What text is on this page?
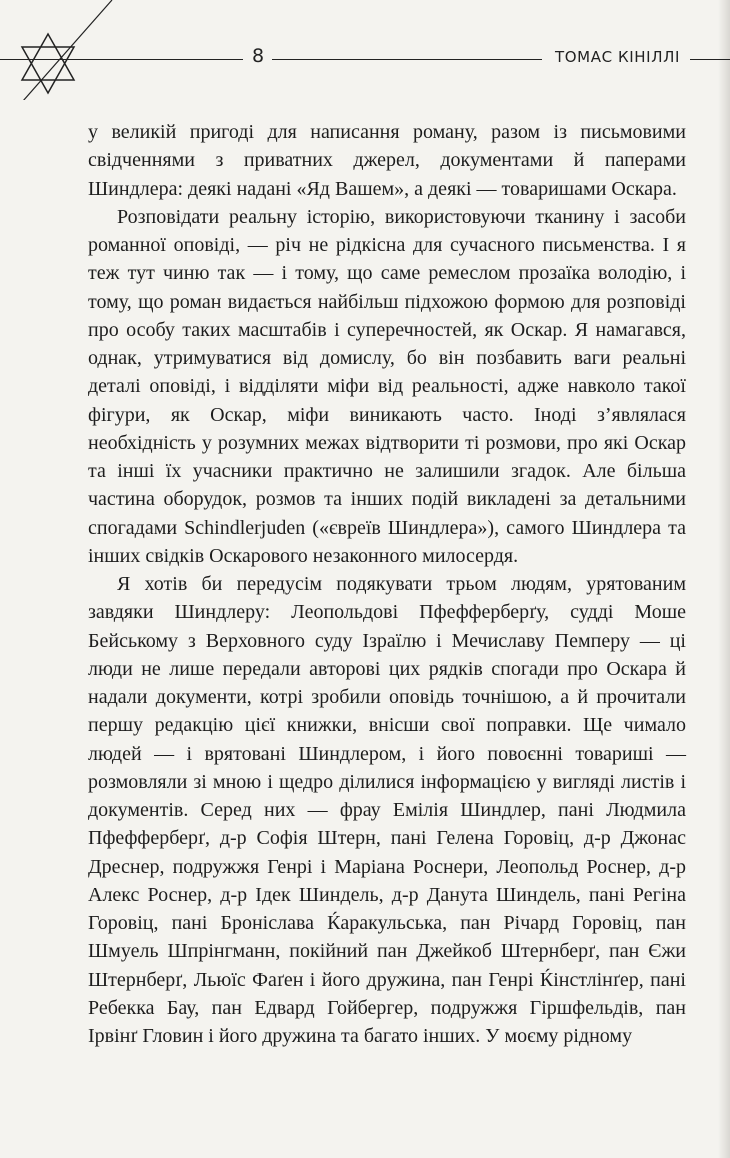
8	ТОМАС КІНІЛЛІ

у великій пригоді для написання роману, разом із письмовими свідченнями з приватних джерел, документами й паперами Шиндлера: деякі надані «Яд Вашем», а деякі — товаришами Оскара.

Розповідати реальну історію, використовуючи тканину і засоби романної оповіді, — річ не рідкісна для сучасного письменства. І я теж тут чиню так — і тому, що саме ремеслом прозаїка володію, і тому, що роман видається найбільш підхожою формою для розповіді про особу таких масштабів і суперечностей, як Оскар. Я намагався, однак, утримуватися від домислу, бо він позбавить ваги реальні деталі оповіді, і відділяти міфи від реальності, адже навколо такої фігури, як Оскар, міфи виникають часто. Іноді з’являлася необхідність у розумних межах відтворити ті розмови, про які Оскар та інші їх учасники практично не залишили згадок. Але більша частина оборудок, розмов та інших подій викладені за детальними спогадами Schindlerjuden («євреїв Шиндлера»), самого Шиндлера та інших свідків Оскарового незаконного милосердя.

Я хотів би передусім подякувати трьом людям, урятованим завдяки Шиндлеру: Леопольдові Пфефферберґу, судді Моше Бейському з Верховного суду Ізраїлю і Мечиславу Пемперу — ці люди не лише передали авторові цих рядків спогади про Оскара й надали документи, котрі зробили оповідь точнішою, а й прочитали першу редакцію цієї книжки, внісши свої поправки. Ще чимало людей — і врятовані Шиндлером, і його повоєнні товариші — розмовляли зі мною і щедро ділилися інформацією у вигляді листів і документів. Серед них — фрау Емілія Шиндлер, пані Людмила Пфефферберґ, д-р Софія Штерн, пані Гелена Горовіц, д-р Джонас Дреснер, подружжя Генрі і Маріана Роснери, Леопольд Роснер, д-р Алекс Роснер, д-р Ідек Шиндель, д-р Данута Шиндель, пані Регіна Горовіц, пані Броніслава Ќаракульська, пан Річард Горовіц, пан Шмуель Шпрінгманн, покійний пан Джейкоб Штернберґ, пан Єжи Штернберґ, Льюїс Фаґен і його дружина, пан Генрі Ќінстлінґер, пані Ребекка Бау, пан Едвард Гойбергер, подружжя Гіршфельдів, пан Ірвінґ Гловин і його дружина та багато інших. У моєму рідному
